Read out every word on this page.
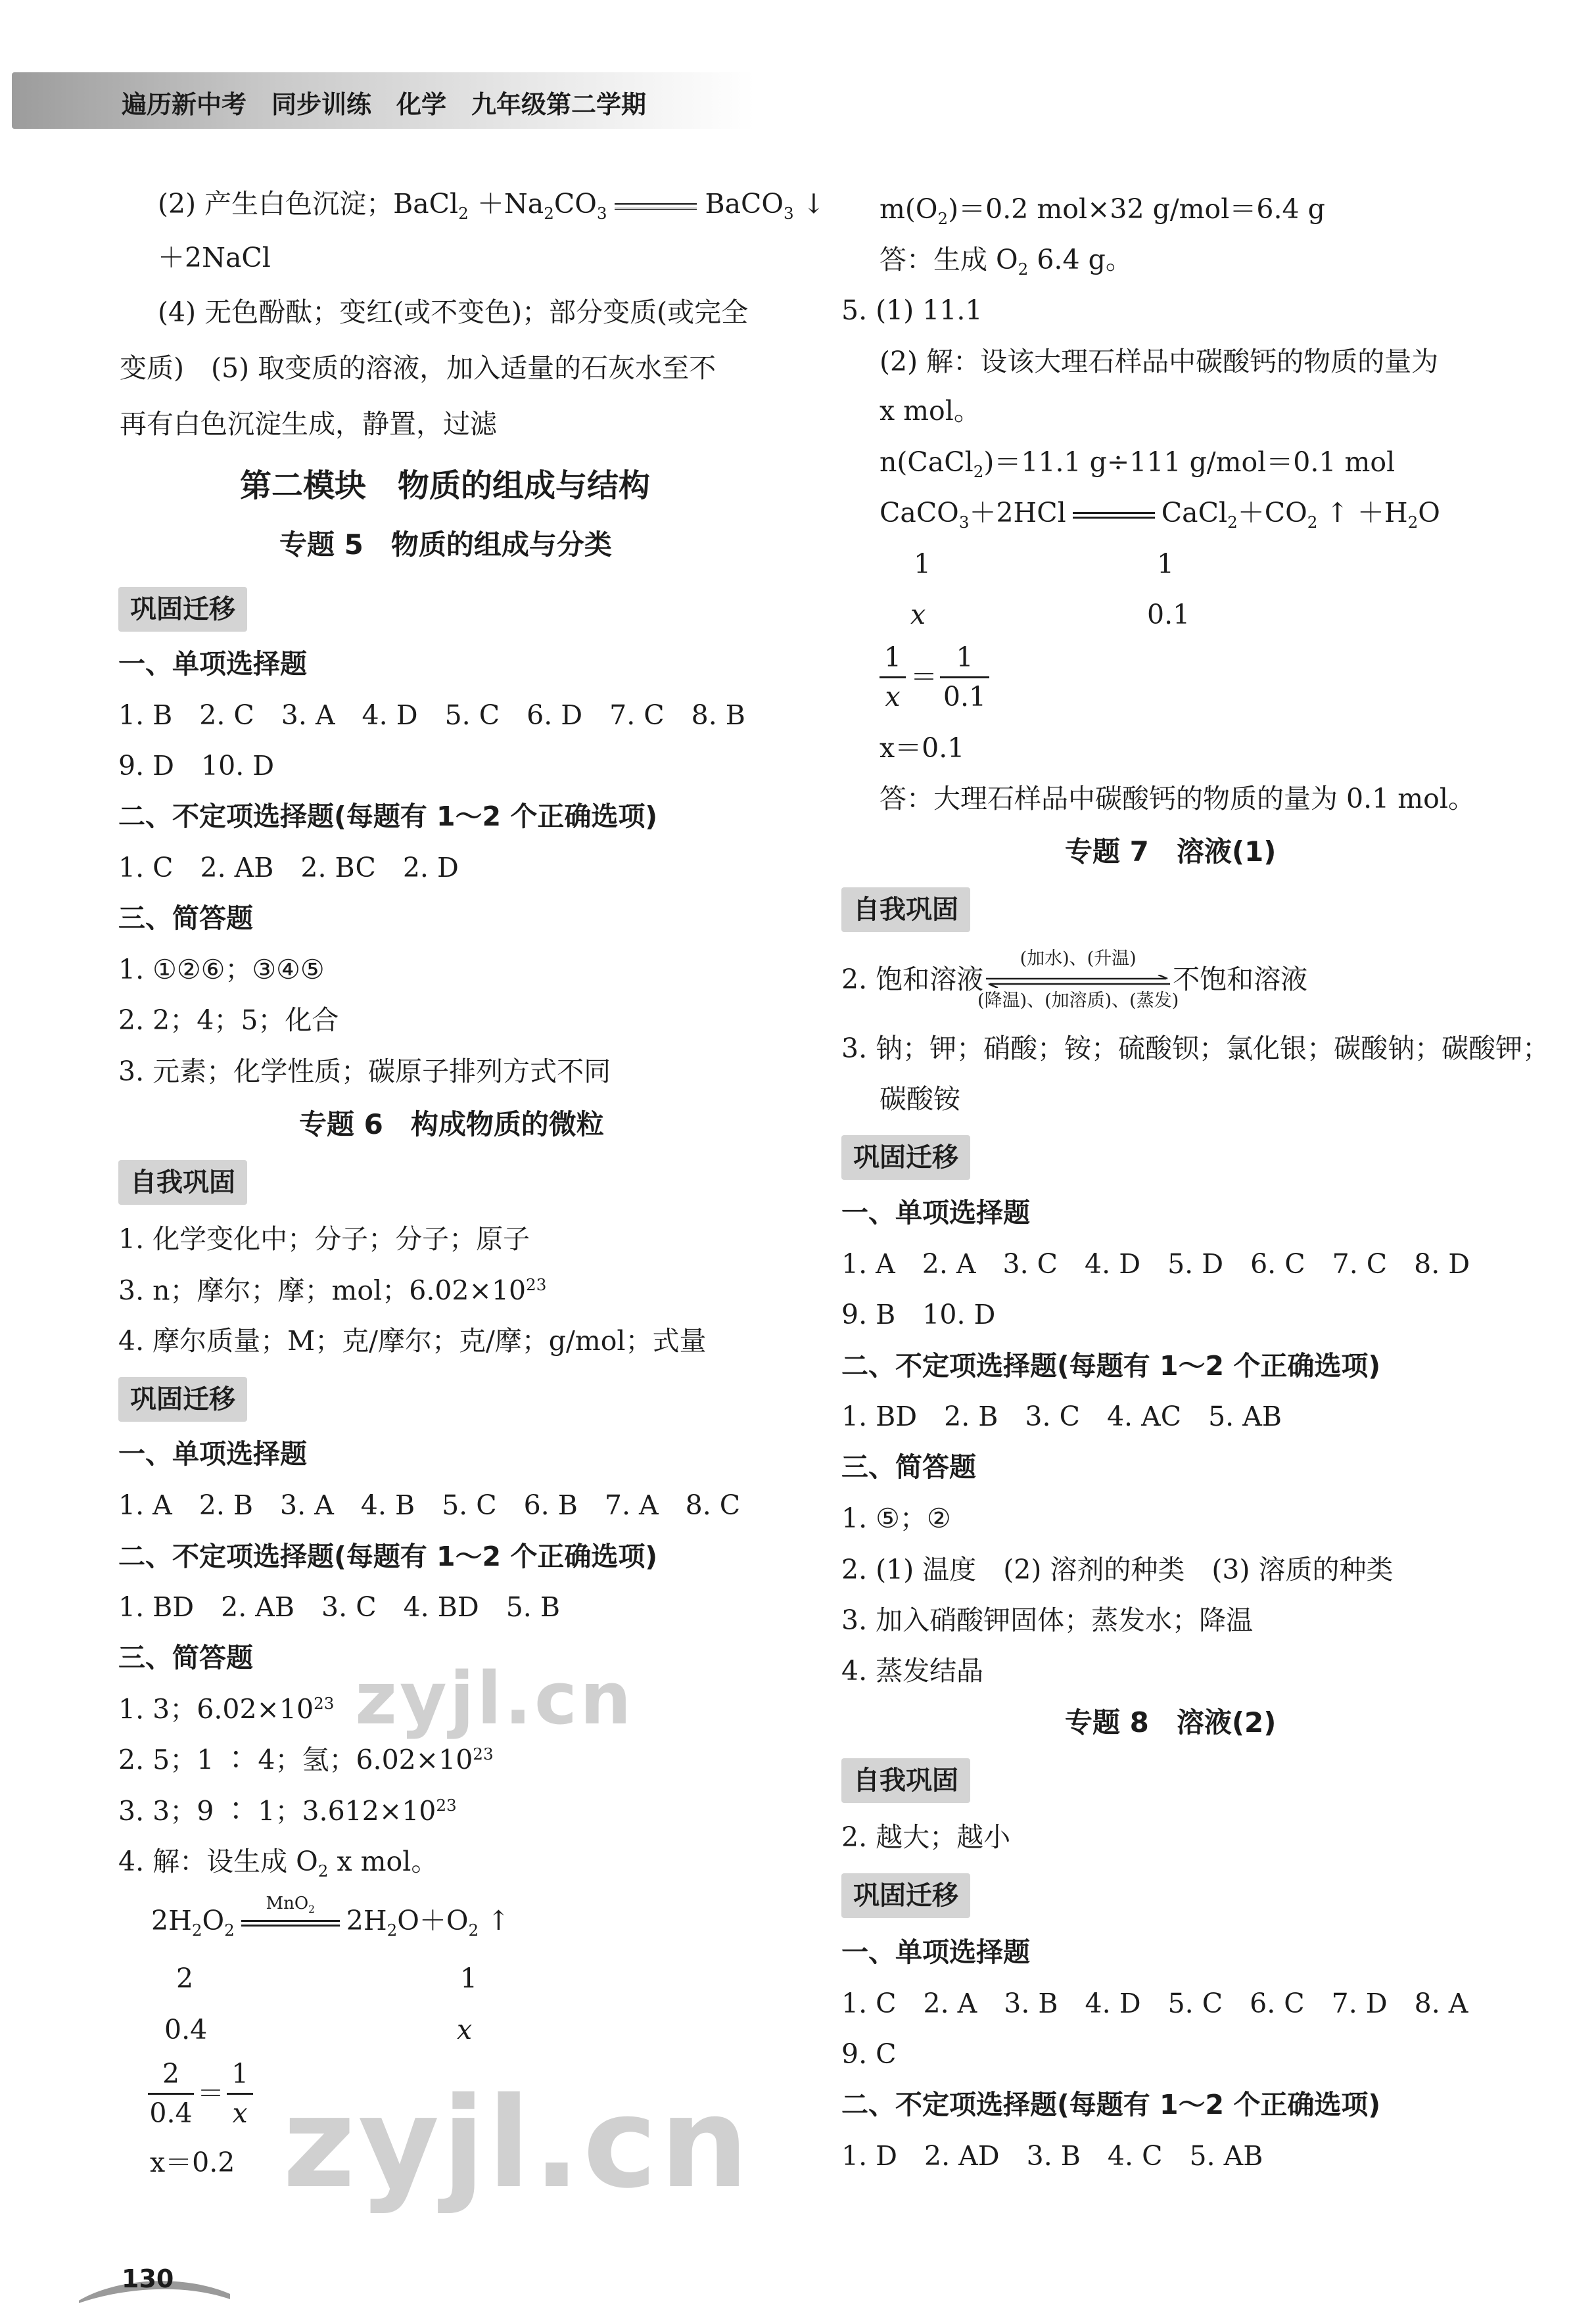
遍历新中考　同步训练　化学　九年级第二学期
(2) 产生白色沉淀；BaCl$_2$ $+Na_2CO_3$	BaCO$_3$ ↓
＋2NaCl
(4) 无色酚酞；变红(或不变色)；部分变质(或完全
变质)　(5) 取变质的溶液，加入适量的石灰水至不
再有白色沉淀生成，静置，过滤
第二模块　物质的组成与结构
专题 5　物质的组成与分类
巩固迁移
一、单项选择题
1. B　2. C　3. A　4. D　5. C　6. D　7. C　8. B
9. D　10. D
二、不定项选择题(每题有 1～2 个正确选项)
1. C　2. AB　2. BC　2. D
三、简答题
1. ①②⑥；③④⑤
2. 2；4；5；化合
3. 元素；化学性质；碳原子排列方式不同
专题 6　构成物质的微粒
自我巩固
1. 化学变化中；分子；分子；原子
3. n；摩尔；摩；mol；$6.02\times 10^{23}$
4. 摩尔质量；M；克/摩尔；克/摩；g/mol；式量
巩固迁移
一、单项选择题
1. A　2. B　3. A　4. B　5. C　6. B　7. A　8. C
二、不定项选择题(每题有 1～2 个正确选项)
1. BD　2. AB　3. C　4. BD　5. B
三、简答题
1. 3；$6.02\times 10^{23}$
2. 5；1 ∶ 4；氢；$6.02\times 10^{23}$
3. 3；9 ∶ 1；$3.612\times 10^{23}$
4. 解：设生成 $O_2$ x mol。
$2H_2O_2$
MnO$_2$	$2H_2O+O_2$ ↑
2	1
0.4	x
2
0.4
＝
1
x
x＝0.2
$m(O_2)=0.2$ mol×32 g/mol＝6.4 g
答：生成 $O_2$ 6.4 g。
5. (1) 11.1
(2) 解：设该大理石样品中碳酸钙的物质的量为
x mol。
n(CaCl$_2$)＝11.1 g÷111 g/mol＝0.1 mol
CaCO$_3$＋2HCl	$CaCl_2+CO_2$ ↑ $+H_2O$
1	1
x	0.1
1
x
＝
1
0.1
x＝0.1
答：大理石样品中碳酸钙的物质的量为 0.1 mol。
专题 7　溶液(1)
自我巩固
2. 饱和溶液
(加水)、(升温)
(降温)、(加溶质)、(蒸发)
不饱和溶液
3. 钠；钾；硝酸；铵；硫酸钡；氯化银；碳酸钠；碳酸钾；
碳酸铵
巩固迁移
一、单项选择题
1. A　2. A　3. C　4. D　5. D　6. C　7. C　8. D
9. B　10. D
二、不定项选择题(每题有 1～2 个正确选项)
1. BD　2. B　3. C　4. AC　5. AB
三、简答题
1. ⑤；②
2. (1) 温度　(2) 溶剂的种类　(3) 溶质的种类
3. 加入硝酸钾固体；蒸发水；降温
4. 蒸发结晶
专题 8　溶液(2)
自我巩固
2. 越大；越小
巩固迁移
一、单项选择题
1. C　2. A　3. B　4. D　5. C　6. C　7. D　8. A
9. C
二、不定项选择题(每题有 1～2 个正确选项)
1. D　2. AD　3. B　4. C　5. AB
zyjl.cn
zyjl.cn
130
